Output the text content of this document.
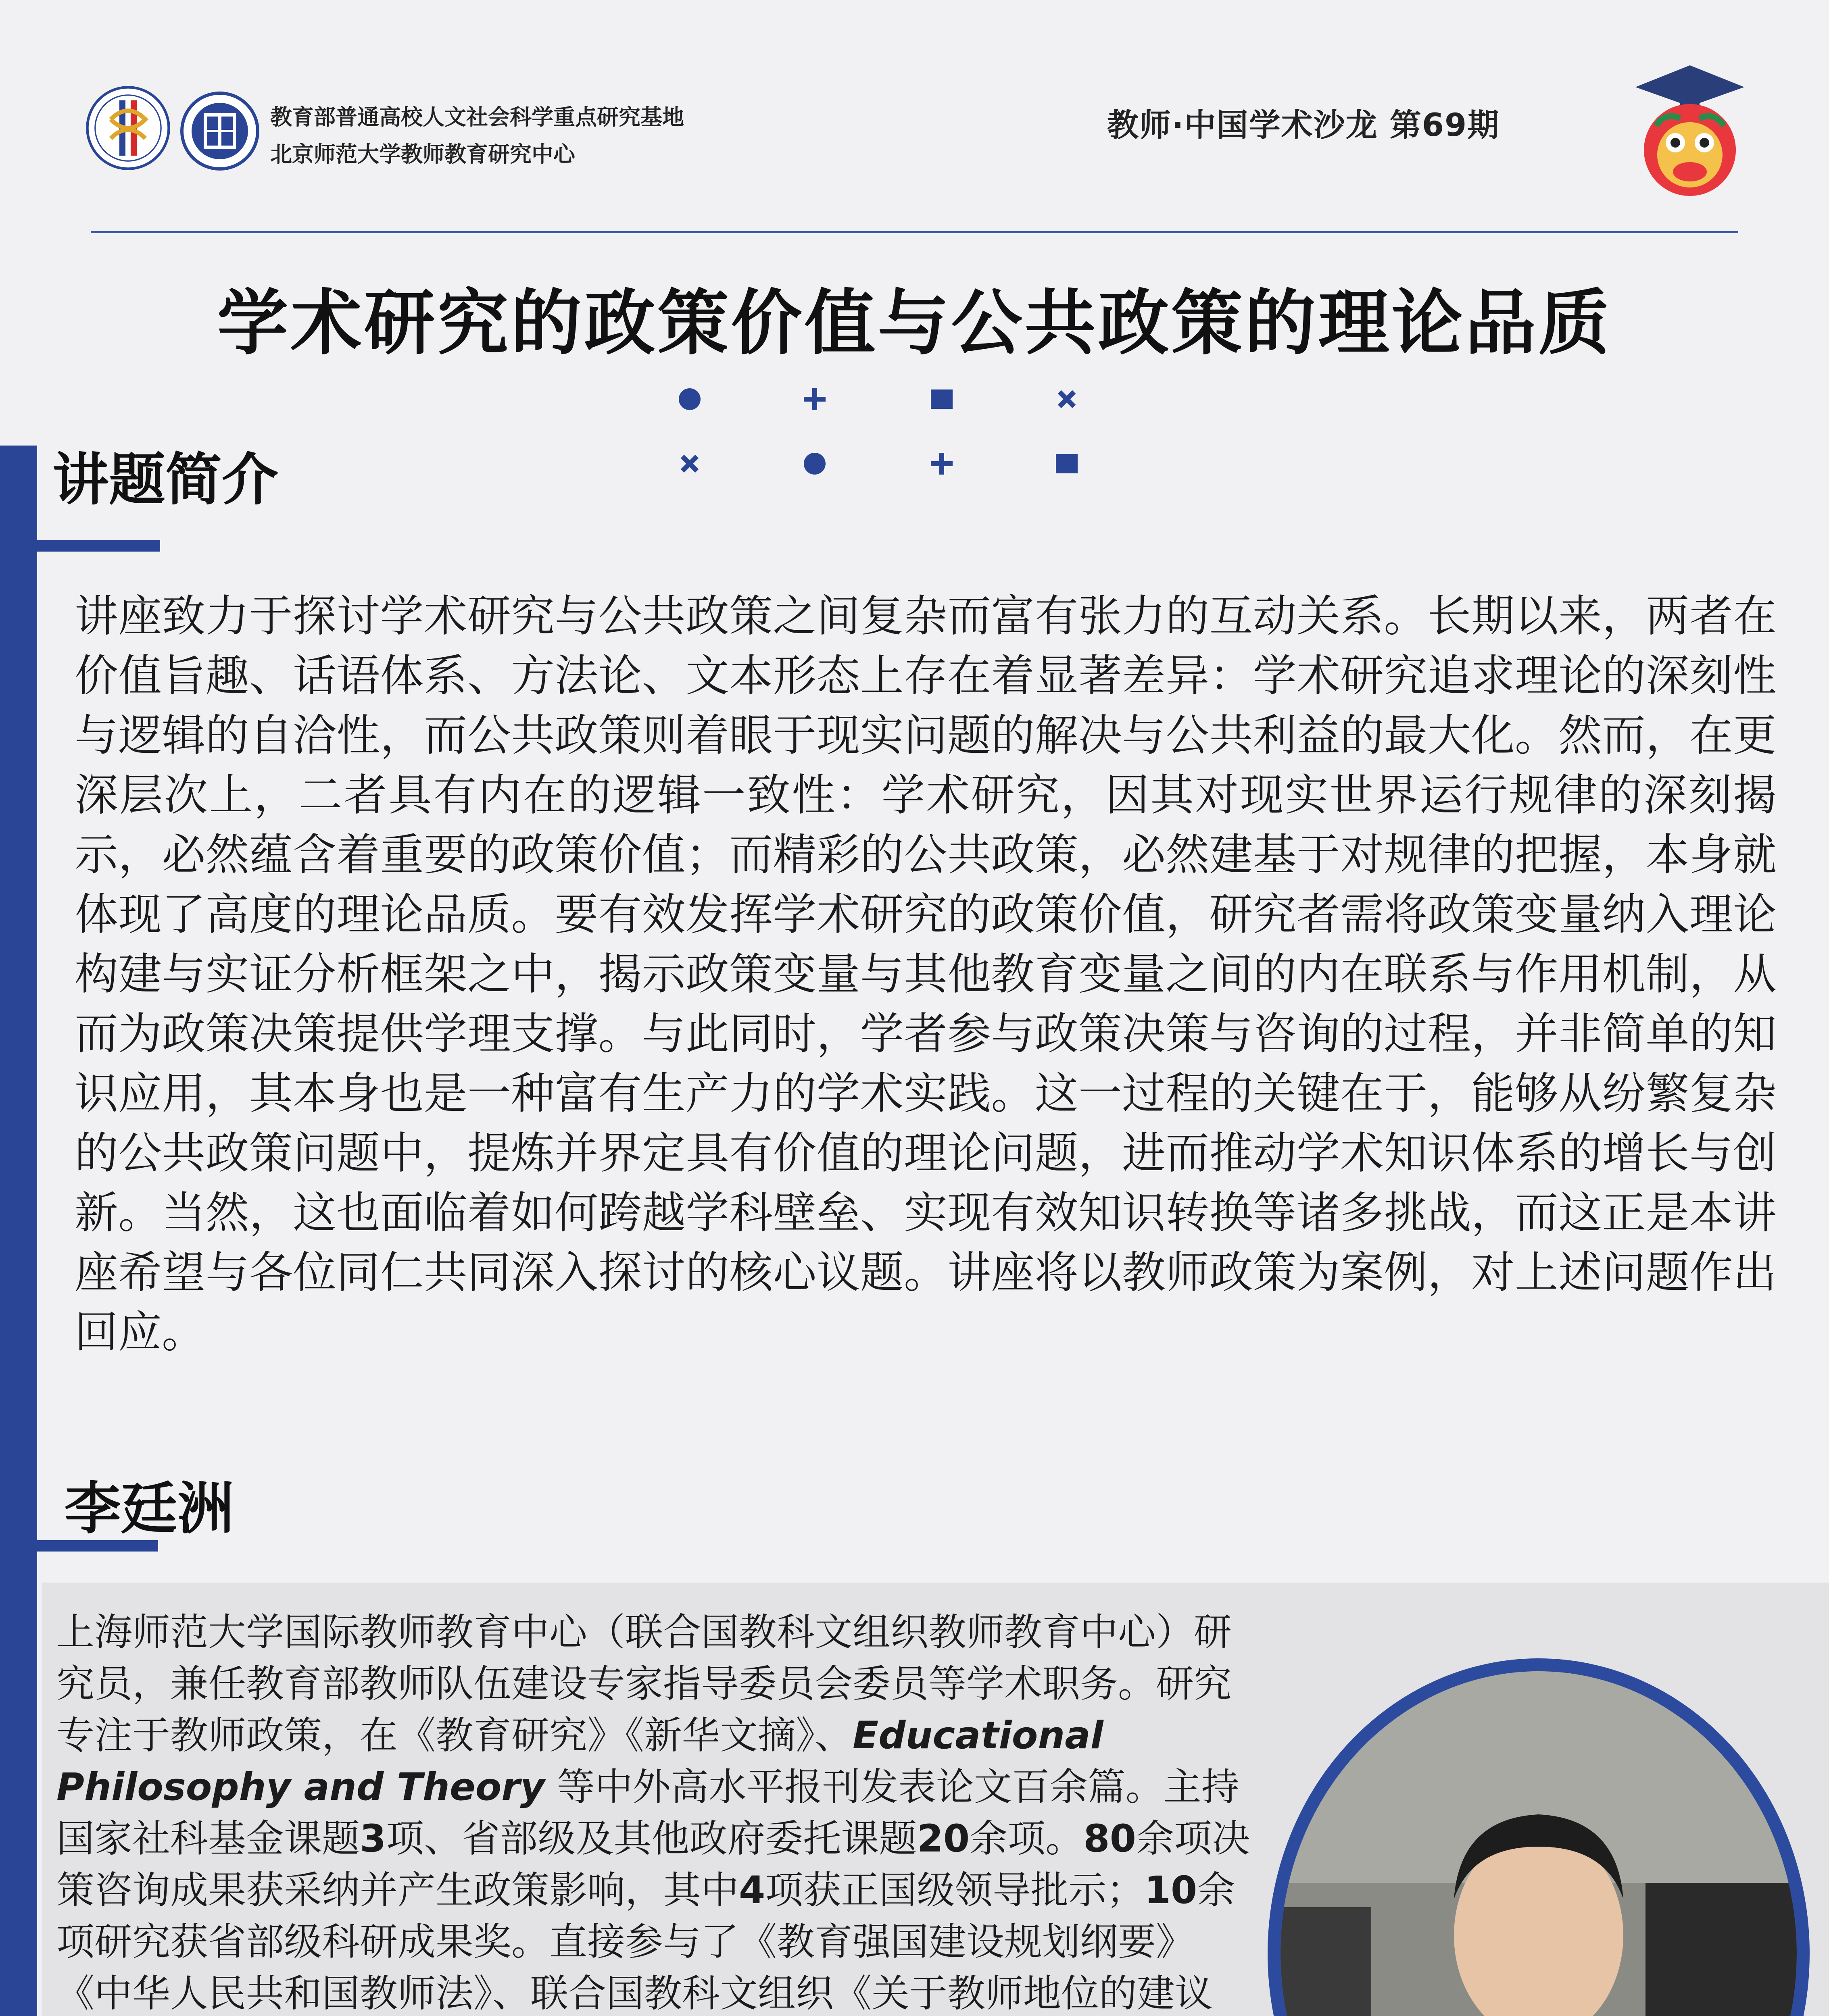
教育部普通高校人文社会科学重点研究基地
北京师范大学教师教育研究中心
教师·中国学术沙龙 第69期
学术研究的政策价值与公共政策的理论品质
讲题简介
讲座致力于探讨学术研究与公共政策之间复杂而富有张力的互动关系。长期以来，两者在价值旨趣、话语体系、方法论、文本形态上存在着显著差异：学术研究追求理论的深刻性与逻辑的自洽性，而公共政策则着眼于现实问题的解决与公共利益的最大化。然而，在更深层次上，二者具有内在的逻辑一致性：学术研究，因其对现实世界运行规律的深刻揭示，必然蕴含着重要的政策价值；而精彩的公共政策，必然建基于对规律的把握，本身就体现了高度的理论品质。要有效发挥学术研究的政策价值，研究者需将政策变量纳入理论构建与实证分析框架之中，揭示政策变量与其他教育变量之间的内在联系与作用机制，从而为政策决策提供学理支撑。与此同时，学者参与政策决策与咨询的过程，并非简单的知识应用，其本身也是一种富有生产力的学术实践。这一过程的关键在于，能够从纷繁复杂的公共政策问题中，提炼并界定具有价值的理论问题，进而推动学术知识体系的增长与创新。当然，这也面临着如何跨越学科壁垒、实现有效知识转换等诸多挑战，而这正是本讲座希望与各位同仁共同深入探讨的核心议题。讲座将以教师政策为案例，对上述问题作出回应。
李廷洲
上海师范大学国际教师教育中心（联合国教科文组织教师教育中心）研究员，兼任教育部教师队伍建设专家指导委员会委员等学术职务。研究专注于教师政策，在《教育研究》《新华文摘》、Educational Philosophy and Theory 等中外高水平报刊发表论文百余篇。主持国家社科基金课题3项、省部级及其他政府委托课题20余项。80余项决策咨询成果获采纳并产生政策影响，其中4项获正国级领导批示；10余项研究获省部级科研成果奖。直接参与了《教育强国建设规划纲要》《中华人民共和国教师法》、联合国教科文组织《关于教师地位的建议
